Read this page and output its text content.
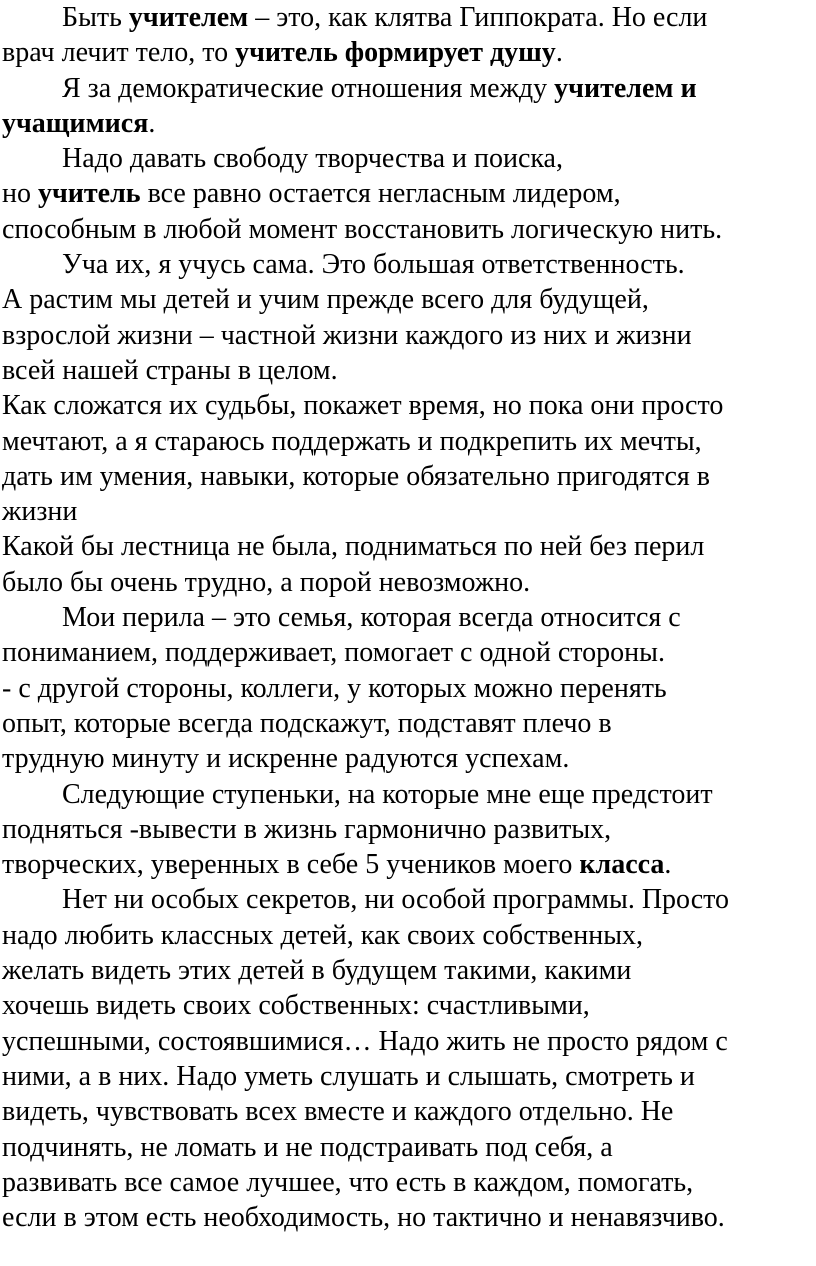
Быть учителем – это, как клятва Гиппократа. Но если
врач лечит тело, то учитель формирует душу.
Я за демократические отношения между учителем и
учащимися.
Надо давать свободу творчества и поиска,
но учитель все равно остается негласным лидером,
способным в любой момент восстановить логическую нить.
Уча их, я учусь сама. Это большая ответственность.
А растим мы детей и учим прежде всего для будущей,
взрослой жизни – частной жизни каждого из них и жизни
всей нашей страны в целом.
Как сложатся их судьбы, покажет время, но пока они просто
мечтают, а я стараюсь поддержать и подкрепить их мечты,
дать им умения, навыки, которые обязательно пригодятся в
жизни
Какой бы лестница не была, подниматься по ней без перил
было бы очень трудно, а порой невозможно.
Мои перила – это семья, которая всегда относится с
пониманием, поддерживает, помогает с одной стороны.
- с другой стороны, коллеги, у которых можно перенять
опыт, которые всегда подскажут, подставят плечо в
трудную минуту и искренне радуются успехам.
Следующие ступеньки, на которые мне еще предстоит
подняться -вывести в жизнь гармонично развитых,
творческих, уверенных в себе 5 учеников моего класса.
Нет ни особых секретов, ни особой программы. Просто
надо любить классных детей, как своих собственных,
желать видеть этих детей в будущем такими, какими
хочешь видеть своих собственных: счастливыми,
успешными, состоявшимися… Надо жить не просто рядом с
ними, а в них. Надо уметь слушать и слышать, смотреть и
видеть, чувствовать всех вместе и каждого отдельно. Не
подчинять, не ломать и не подстраивать под себя, а
развивать все самое лучшее, что есть в каждом, помогать,
если в этом есть необходимость, но тактично и ненавязчиво.
